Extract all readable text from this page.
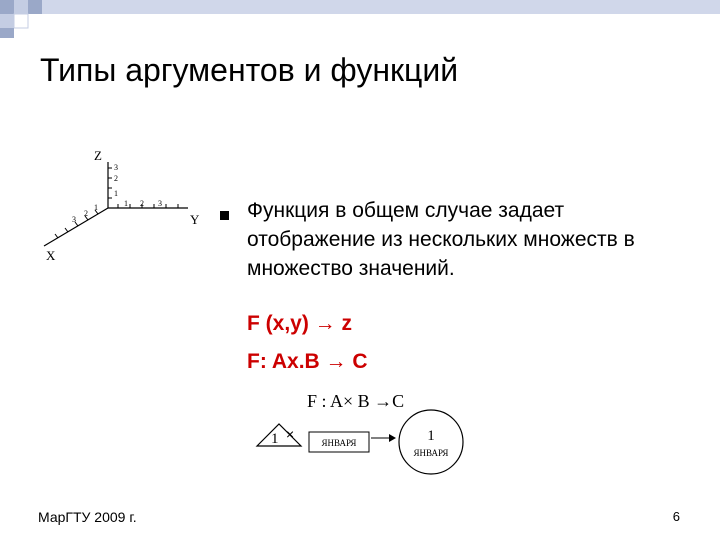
Типы аргументов и функций
1
2
3
1 2 3
1
2
3
Z
Y
X
Функция в общем случае задает отображение из нескольких множеств в множество значений.
F (x,y) → z
F: Ax.B → C
F : A× B →C
1 ×
ЯНВАРЯ	1
ЯНВАРЯ
МарГТУ 2009 г.	6
